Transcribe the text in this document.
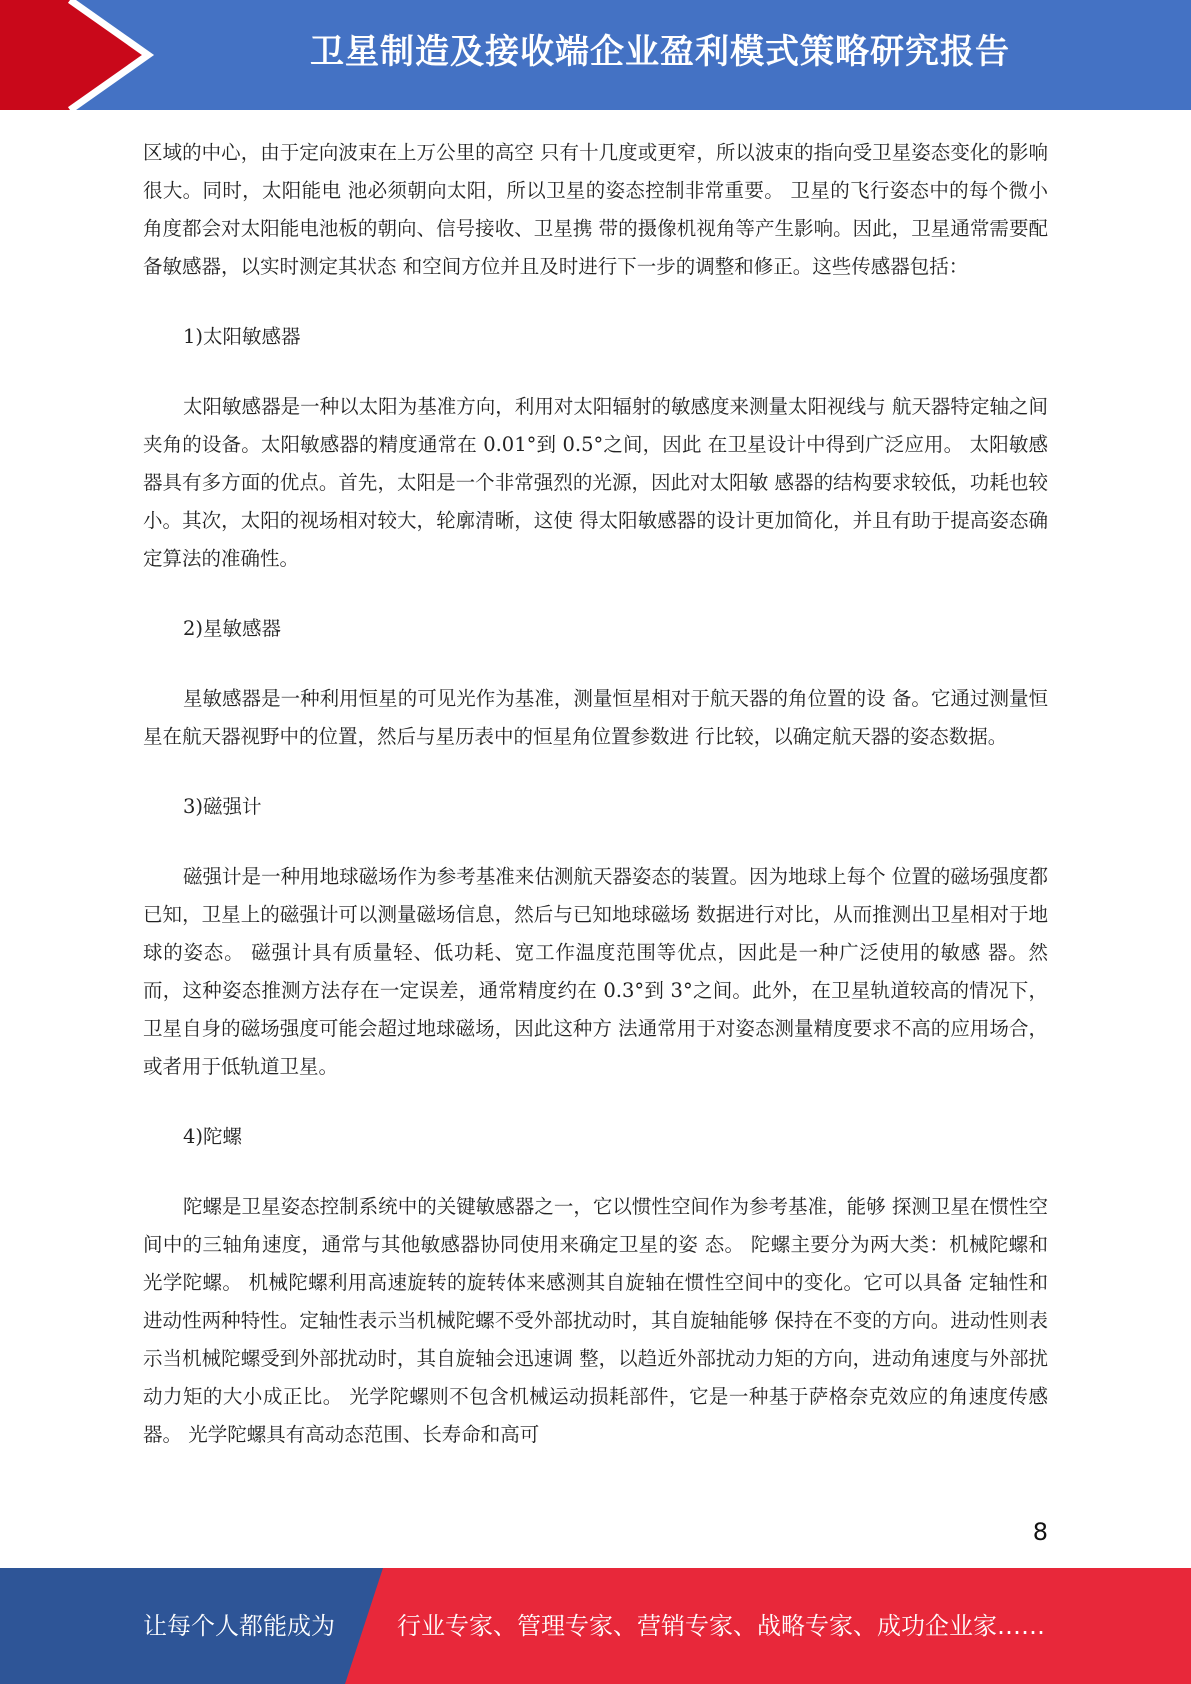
卫星制造及接收端企业盈利模式策略研究报告

区域的中心，由于定向波束在上万公里的高空 只有十几度或更窄，所以波束的指向受卫星姿态变化的影响很大。同时，太阳能电 池必须朝向太阳，所以卫星的姿态控制非常重要。 卫星的飞行姿态中的每个微小角度都会对太阳能电池板的朝向、信号接收、卫星携 带的摄像机视角等产生影响。因此，卫星通常需要配备敏感器，以实时测定其状态 和空间方位并且及时进行下一步的调整和修正。这些传感器包括：

1)太阳敏感器

太阳敏感器是一种以太阳为基准方向，利用对太阳辐射的敏感度来测量太阳视线与 航天器特定轴之间夹角的设备。太阳敏感器的精度通常在 0.01°到 0.5°之间，因此 在卫星设计中得到广泛应用。 太阳敏感器具有多方面的优点。首先，太阳是一个非常强烈的光源，因此对太阳敏 感器的结构要求较低，功耗也较小。其次，太阳的视场相对较大，轮廓清晰，这使 得太阳敏感器的设计更加简化，并且有助于提高姿态确定算法的准确性。

2)星敏感器

星敏感器是一种利用恒星的可见光作为基准，测量恒星相对于航天器的角位置的设 备。它通过测量恒星在航天器视野中的位置，然后与星历表中的恒星角位置参数进 行比较，以确定航天器的姿态数据。

3)磁强计

磁强计是一种用地球磁场作为参考基准来估测航天器姿态的装置。因为地球上每个 位置的磁场强度都已知，卫星上的磁强计可以测量磁场信息，然后与已知地球磁场 数据进行对比，从而推测出卫星相对于地球的姿态。 磁强计具有质量轻、低功耗、宽工作温度范围等优点，因此是一种广泛使用的敏感 器。然而，这种姿态推测方法存在一定误差，通常精度约在 0.3°到 3°之间。此外，在卫星轨道较高的情况下，卫星自身的磁场强度可能会超过地球磁场，因此这种方 法通常用于对姿态测量精度要求不高的应用场合，或者用于低轨道卫星。

4)陀螺

陀螺是卫星姿态控制系统中的关键敏感器之一，它以惯性空间作为参考基准，能够 探测卫星在惯性空间中的三轴角速度，通常与其他敏感器协同使用来确定卫星的姿 态。 陀螺主要分为两大类：机械陀螺和光学陀螺。 机械陀螺利用高速旋转的旋转体来感测其自旋轴在惯性空间中的变化。它可以具备 定轴性和进动性两种特性。定轴性表示当机械陀螺不受外部扰动时，其自旋轴能够 保持在不变的方向。进动性则表示当机械陀螺受到外部扰动时，其自旋轴会迅速调 整，以趋近外部扰动力矩的方向，进动角速度与外部扰动力矩的大小成正比。 光学陀螺则不包含机械运动损耗部件，它是一种基于萨格奈克效应的角速度传感器。 光学陀螺具有高动态范围、长寿命和高可

8
让每个人都能成为	行业专家、管理专家、营销专家、战略专家、成功企业家……
